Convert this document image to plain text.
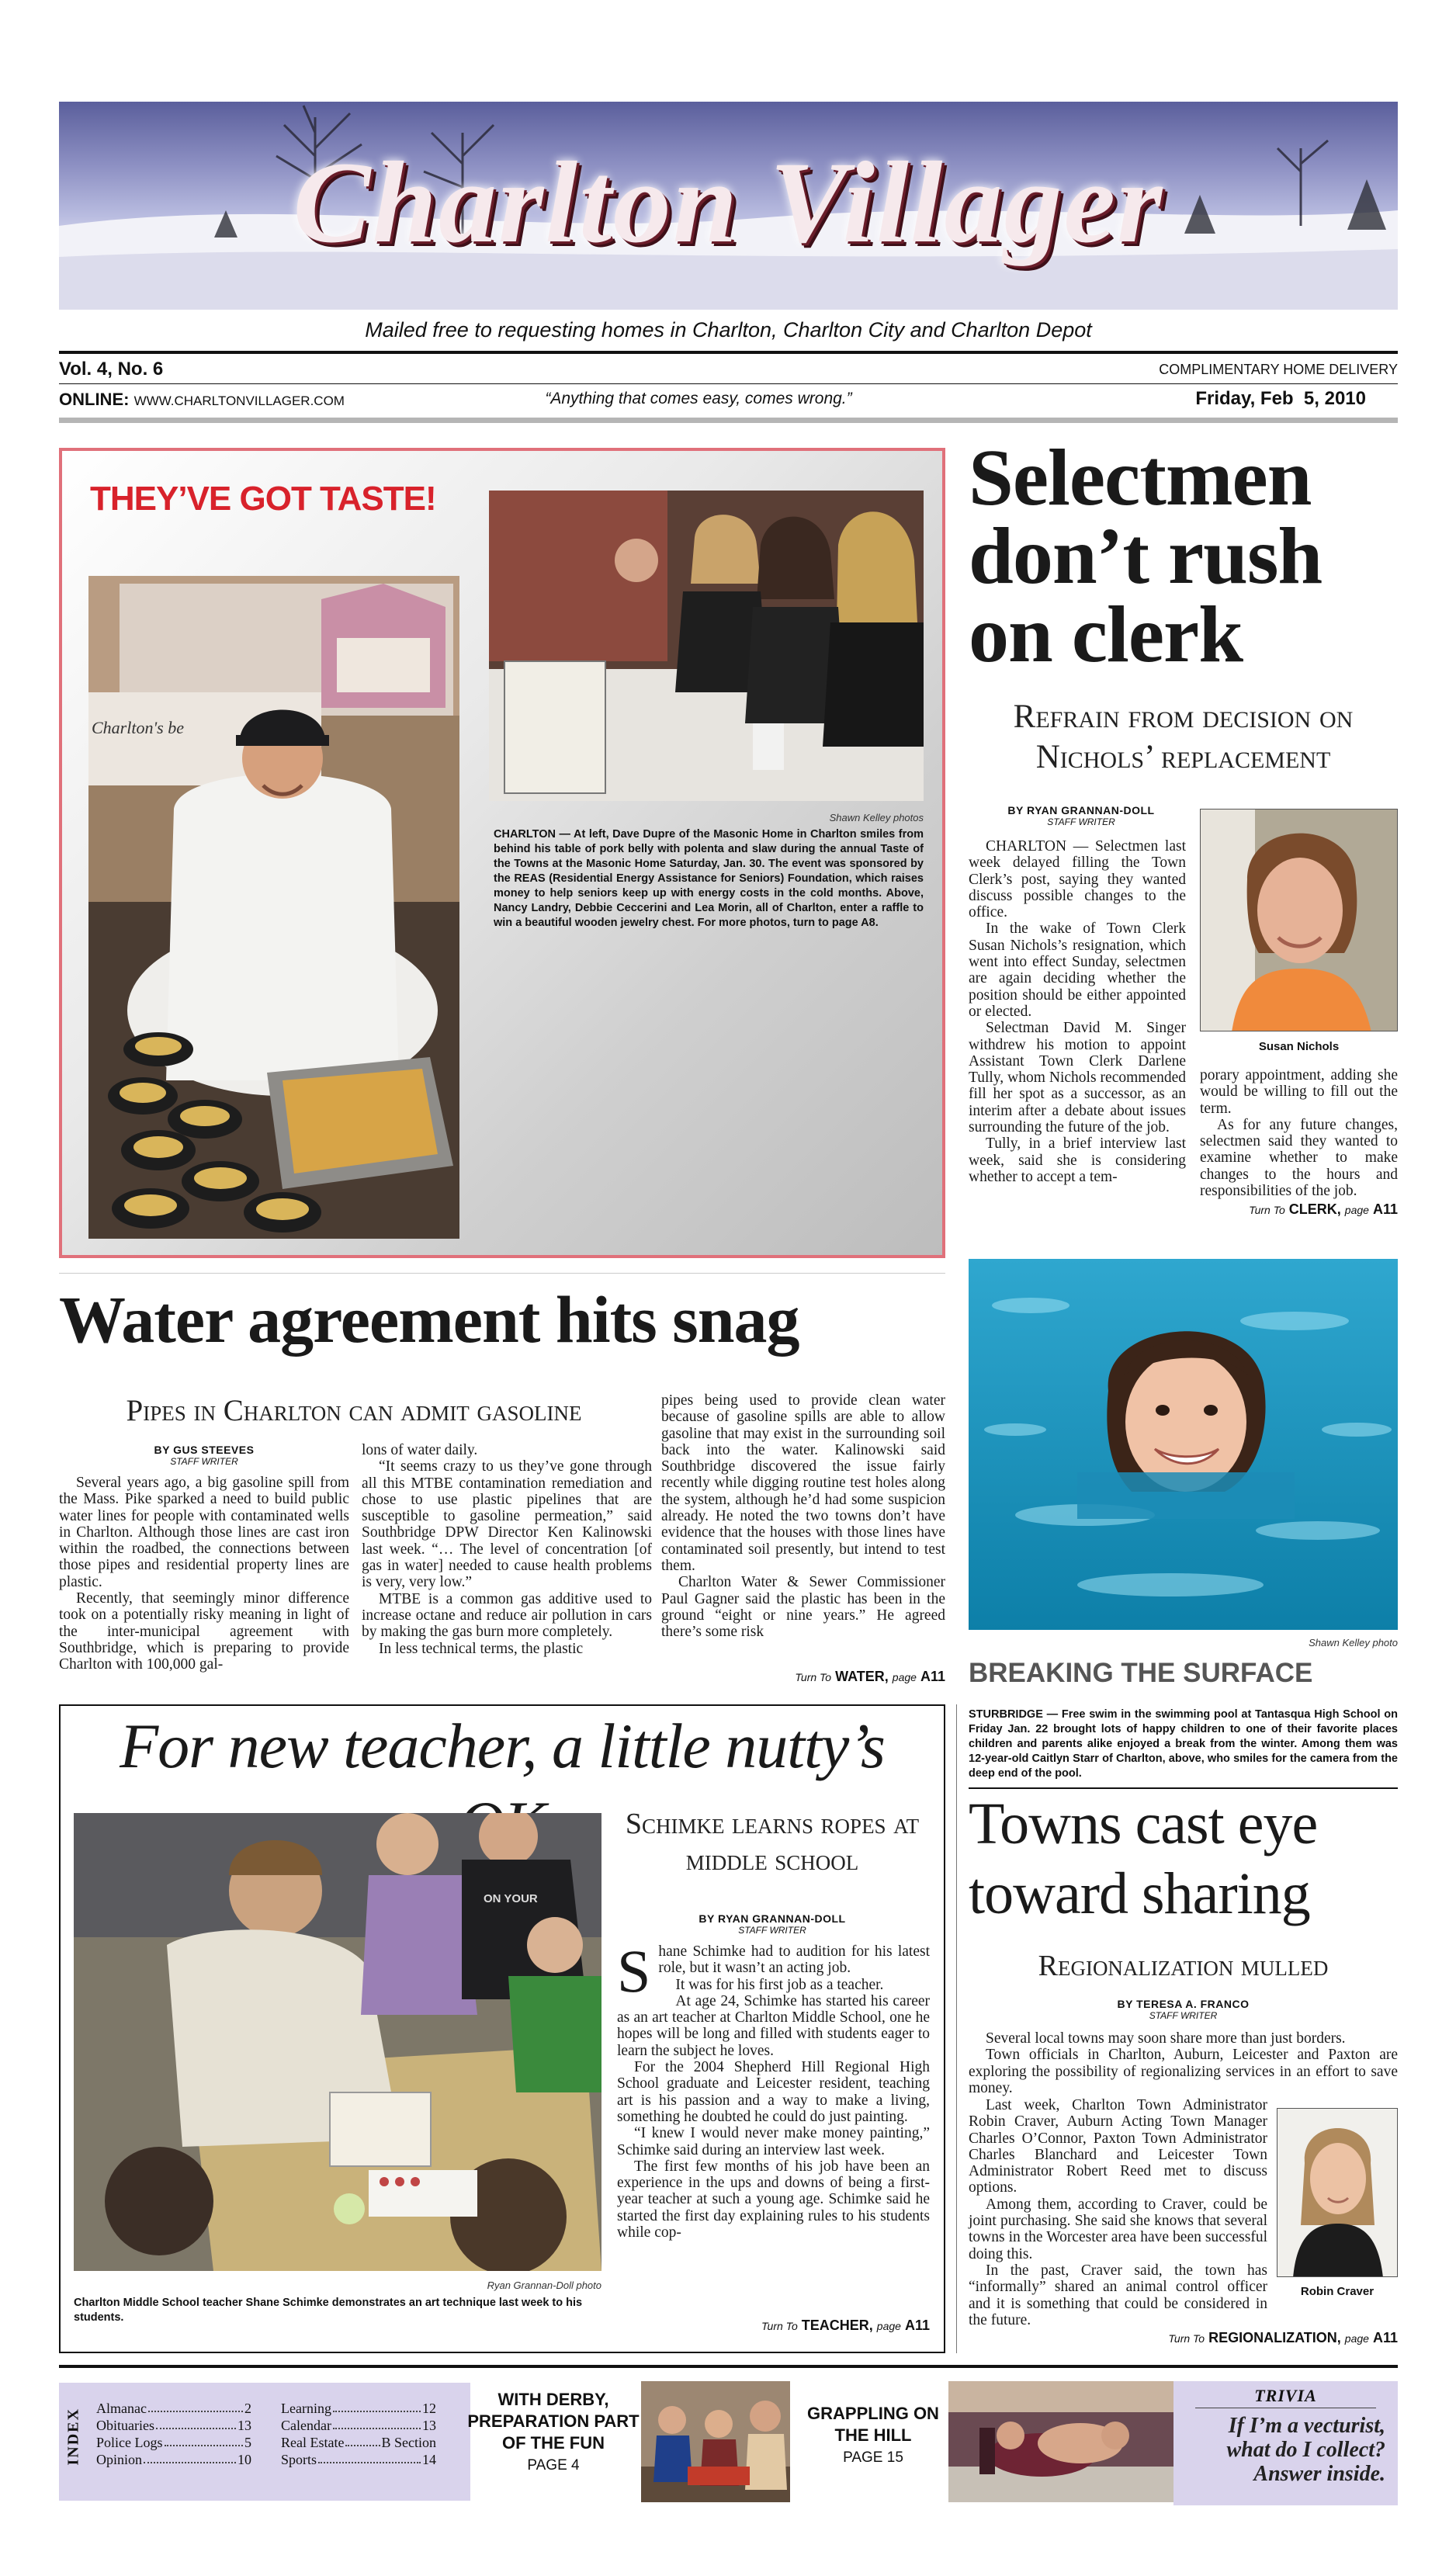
Charlton Villager
Mailed free to requesting homes in Charlton, Charlton City and Charlton Depot
Vol. 4, No. 6	COMPLIMENTARY HOME DELIVERY
ONLINE: WWW.CHARLTONVILLAGER.COM	“Anything that comes easy, comes wrong.”	Friday, Feb  5, 2010
THEY’VE GOT TASTE!
Charlton's be
Shawn Kelley photos
CHARLTON — At left, Dave Dupre of the Masonic Home in Charlton smiles from behind his table of pork belly with polenta and slaw during the annual Taste of the Towns at the Masonic Home Saturday, Jan. 30. The event was sponsored by the REAS (Residential Energy Assistance for Seniors) Foundation, which raises money to help seniors keep up with energy costs in the cold months. Above, Nancy Landry, Debbie Ceccerini and Lea Morin, all of Charlton, enter a raffle to win a beautiful wooden jewelry chest. For more photos, turn to page A8.
Selectmen don’t rush on clerk
Refrain from decision on Nichols’ replacement
BY RYAN GRANNAN-DOLL
STAFF WRITER

CHARLTON — Selectmen last week delayed filling the Town Clerk’s post, saying they wanted discuss possible changes to the office.

In the wake of Town Clerk Susan Nichols’s resignation, which went into effect Sunday, selectmen are again deciding whether the position should be either appointed or elected.

Selectman David M. Singer withdrew his motion to appoint Assistant Town Clerk Darlene Tully, whom Nichols recommended fill her spot as a successor, as an interim after a debate about issues surrounding the future of the job.

Tully, in a brief interview last week, said she is considering whether to accept a tem-

Susan Nichols

porary appointment, adding she would be willing to fill out the term.

As for any future changes, selectmen said they wanted to examine whether to make changes to the hours and responsibilities of the job.

Turn To CLERK, page A11
Shawn Kelley photo
BREAKING THE SURFACE
STURBRIDGE — Free swim in the swimming pool at Tantasqua High School on Friday Jan. 22 brought lots of happy children to one of their favorite places children and parents alike enjoyed a break from the winter. Among them was 12-year-old Caitlyn Starr of Charlton, above, who smiles for the camera from the deep end of the pool.
Water agreement hits snag
Pipes in Charlton can admit gasoline
BY GUS STEEVES
STAFF WRITER

Several years ago, a big gasoline spill from the Mass. Pike sparked a need to build public water lines for people with contaminated wells in Charlton. Although those lines are cast iron within the roadbed, the connections between those pipes and residential property lines are plastic.

Recently, that seemingly minor difference took on a potentially risky meaning in light of the inter-municipal agreement with Southbridge, which is preparing to provide Charlton with 100,000 gal-

lons of water daily.

“It seems crazy to us they’ve gone through all this MTBE contamination remediation and chose to use plastic pipelines that are susceptible to gasoline permeation,” said Southbridge DPW Director Ken Kalinowski last week. “… The level of concentration [of gas in water] needed to cause health problems is very, very low.”

MTBE is a common gas additive used to increase octane and reduce air pollution in cars by making the gas burn more completely.

In less technical terms, the plastic

pipes being used to provide clean water because of gasoline spills are able to allow gasoline that may exist in the surrounding soil back into the water. Kalinowski said Southbridge discovered the issue fairly recently while digging routine test holes along the system, although he’d had some suspicion already. He noted the two towns don’t have evidence that the houses with those lines have contaminated soil presently, but intend to test them.

Charlton Water & Sewer Commissioner Paul Gagner said the plastic has been in the ground “eight or nine years.” He agreed there’s some risk

Turn To WATER, page A11
For new teacher, a little nutty’s
ON YOUR
Ryan Grannan-Doll photo
Charlton Middle School teacher Shane Schimke demonstrates an art technique last week to his students.
Schimke learns ropes at middle school
BY RYAN GRANNAN-DOLL
STAFF WRITER

S hane Schimke had to audition for his latest role, but it wasn’t an acting job.

It was for his first job as a teacher.

At age 24, Schimke has started his career as an art teacher at Charlton Middle School, one he hopes will be long and filled with students eager to learn the subject he loves.

For the 2004 Shepherd Hill Regional High School graduate and Leicester resident, teaching art is his passion and a way to make a living, something he doubted he could do just painting.

“I knew I would never make money painting,” Schimke said during an interview last week.

The first few months of his job have been an experience in the ups and downs of being a first-year teacher at such a young age. Schimke said he started the first day explaining rules to his students while cop-

Turn To TEACHER, page A11
Towns cast eye toward sharing
Regionalization mulled
BY TERESA A. FRANCO
STAFF WRITER

Several local towns may soon share more than just borders.

Town officials in Charlton, Auburn, Leicester and Paxton are exploring the possibility of regionalizing services in an effort to save money.

Last week, Charlton Town Administrator Robin Craver, Auburn Acting Town Manager Charles O’Connor, Paxton Town Administrator Charles Blanchard and Leicester Town Administrator Robert Reed met to discuss options.

Among them, according to Craver, could be joint purchasing. She said she knows that several towns in the Worcester area have been successful doing this.

In the past, Craver said, the town has “informally” shared an animal control officer and it is something that could be considered in the future.

Robin Craver
Turn To REGIONALIZATION, page A11
INDEX Almanac	2
Obituaries	13
Police Logs	5
Opinion	10
Learning	12
Calendar	13
Real Estate	B Section
Sports	14
WITH DERBY, PREPARATION PART OF THE FUN
PAGE 4
GRAPPLING ON THE HILL
PAGE 15
TRIVIA
If I’m a vecturist, what do I collect? Answer inside.
